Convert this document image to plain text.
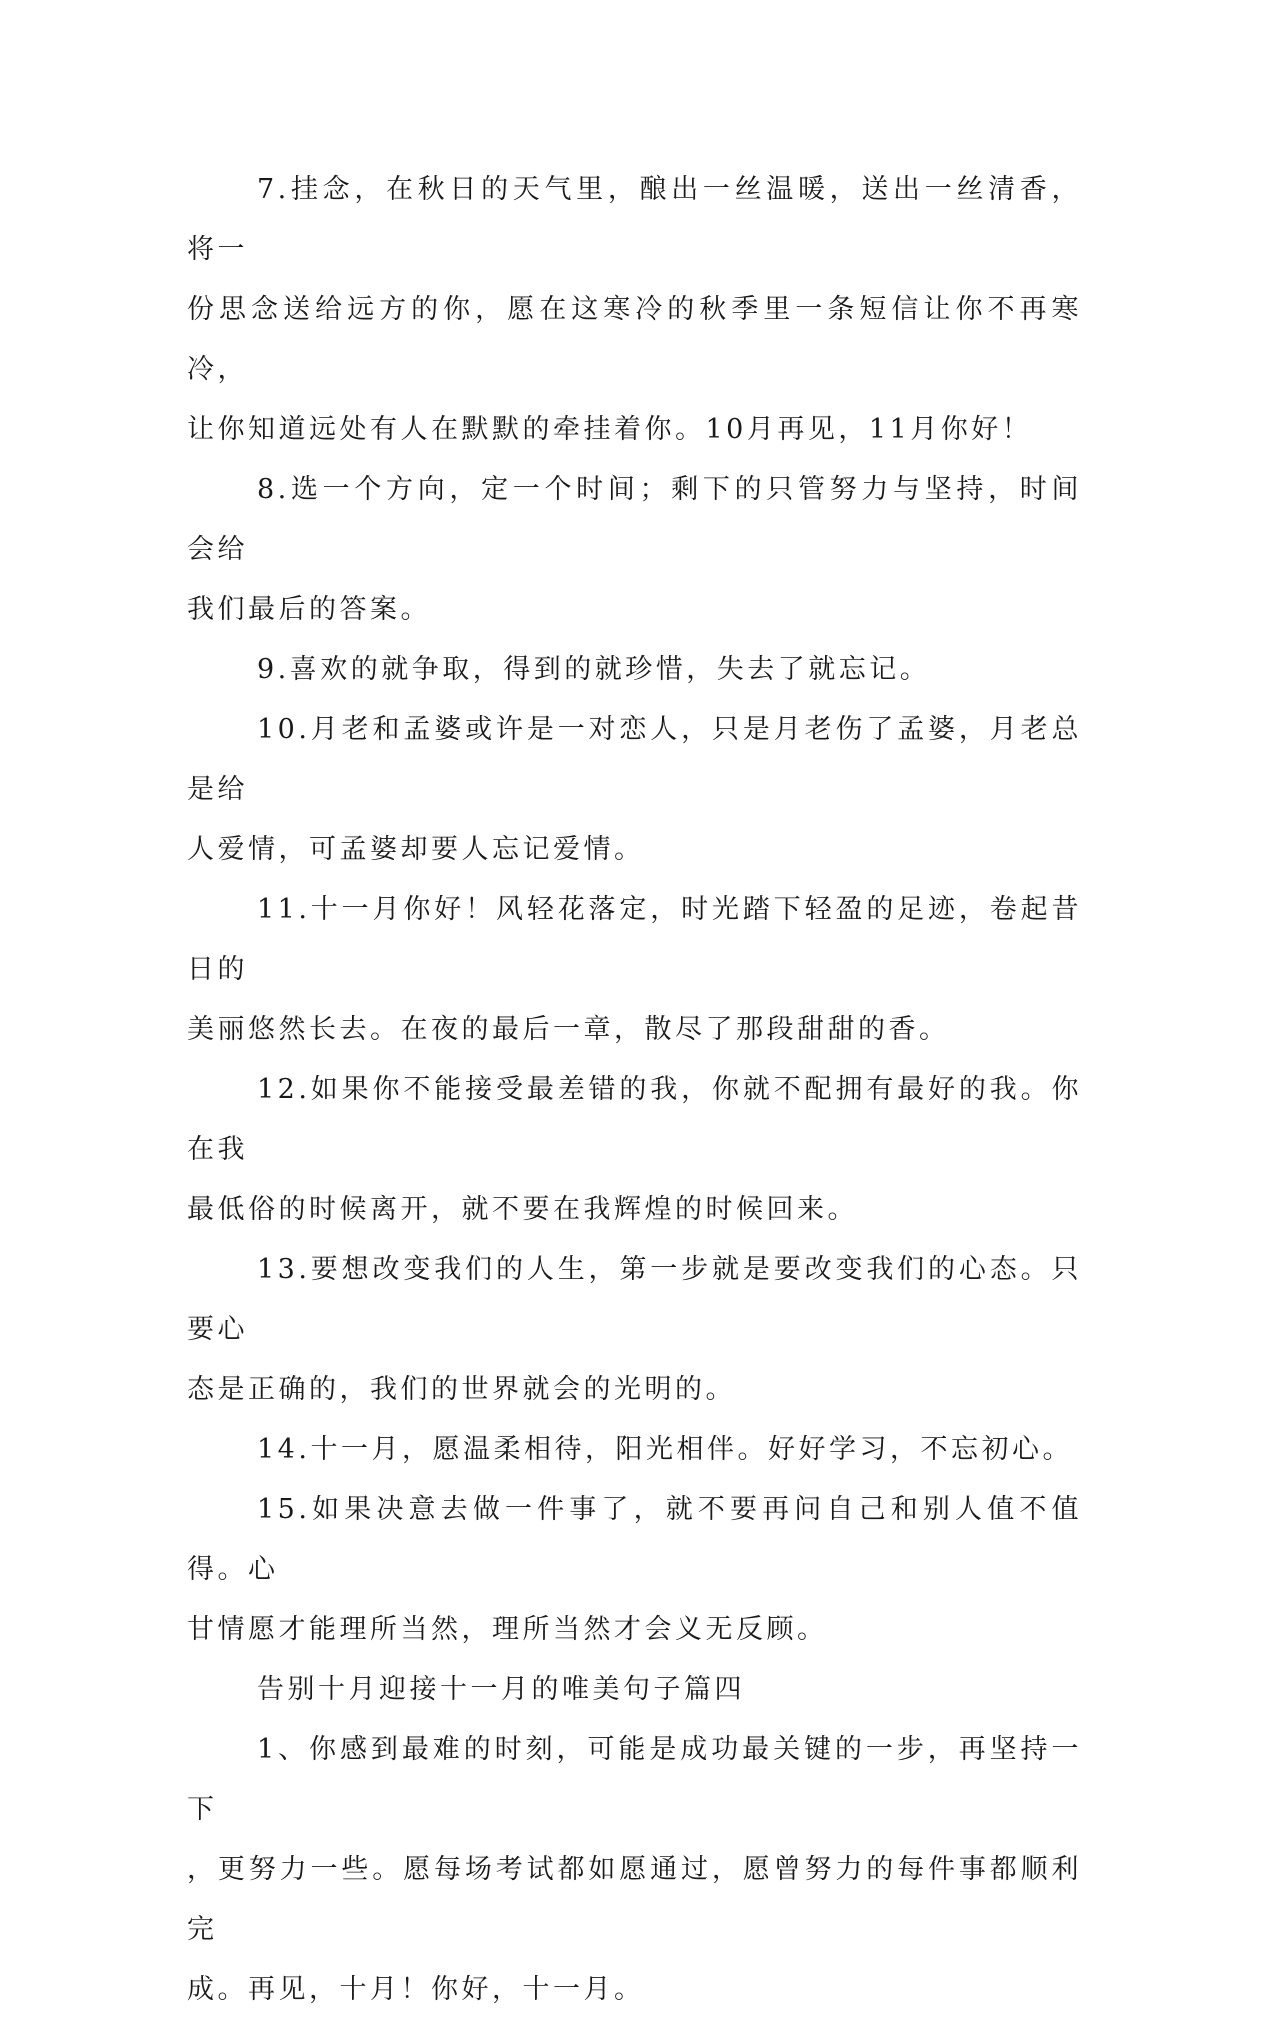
7.挂念，在秋日的天气里，酿出一丝温暖，送出一丝清香，将一
份思念送给远方的你，愿在这寒冷的秋季里一条短信让你不再寒冷，
让你知道远处有人在默默的牵挂着你。10月再见，11月你好！

8.选一个方向，定一个时间；剩下的只管努力与坚持，时间会给
我们最后的答案。

9.喜欢的就争取，得到的就珍惜，失去了就忘记。

10.月老和孟婆或许是一对恋人，只是月老伤了孟婆，月老总是给
人爱情，可孟婆却要人忘记爱情。

11.十一月你好！风轻花落定，时光踏下轻盈的足迹，卷起昔日的
美丽悠然长去。在夜的最后一章，散尽了那段甜甜的香。

12.如果你不能接受最差错的我，你就不配拥有最好的我。你在我
最低俗的时候离开，就不要在我辉煌的时候回来。

13.要想改变我们的人生，第一步就是要改变我们的心态。只要心
态是正确的，我们的世界就会的光明的。

14.十一月，愿温柔相待，阳光相伴。好好学习，不忘初心。

15.如果决意去做一件事了，就不要再问自己和别人值不值得。心
甘情愿才能理所当然，理所当然才会义无反顾。

告别十月迎接十一月的唯美句子篇四

1、你感到最难的时刻，可能是成功最关键的一步，再坚持一下
，更努力一些。愿每场考试都如愿通过，愿曾努力的每件事都顺利完
成。再见，十月！你好，十一月。
